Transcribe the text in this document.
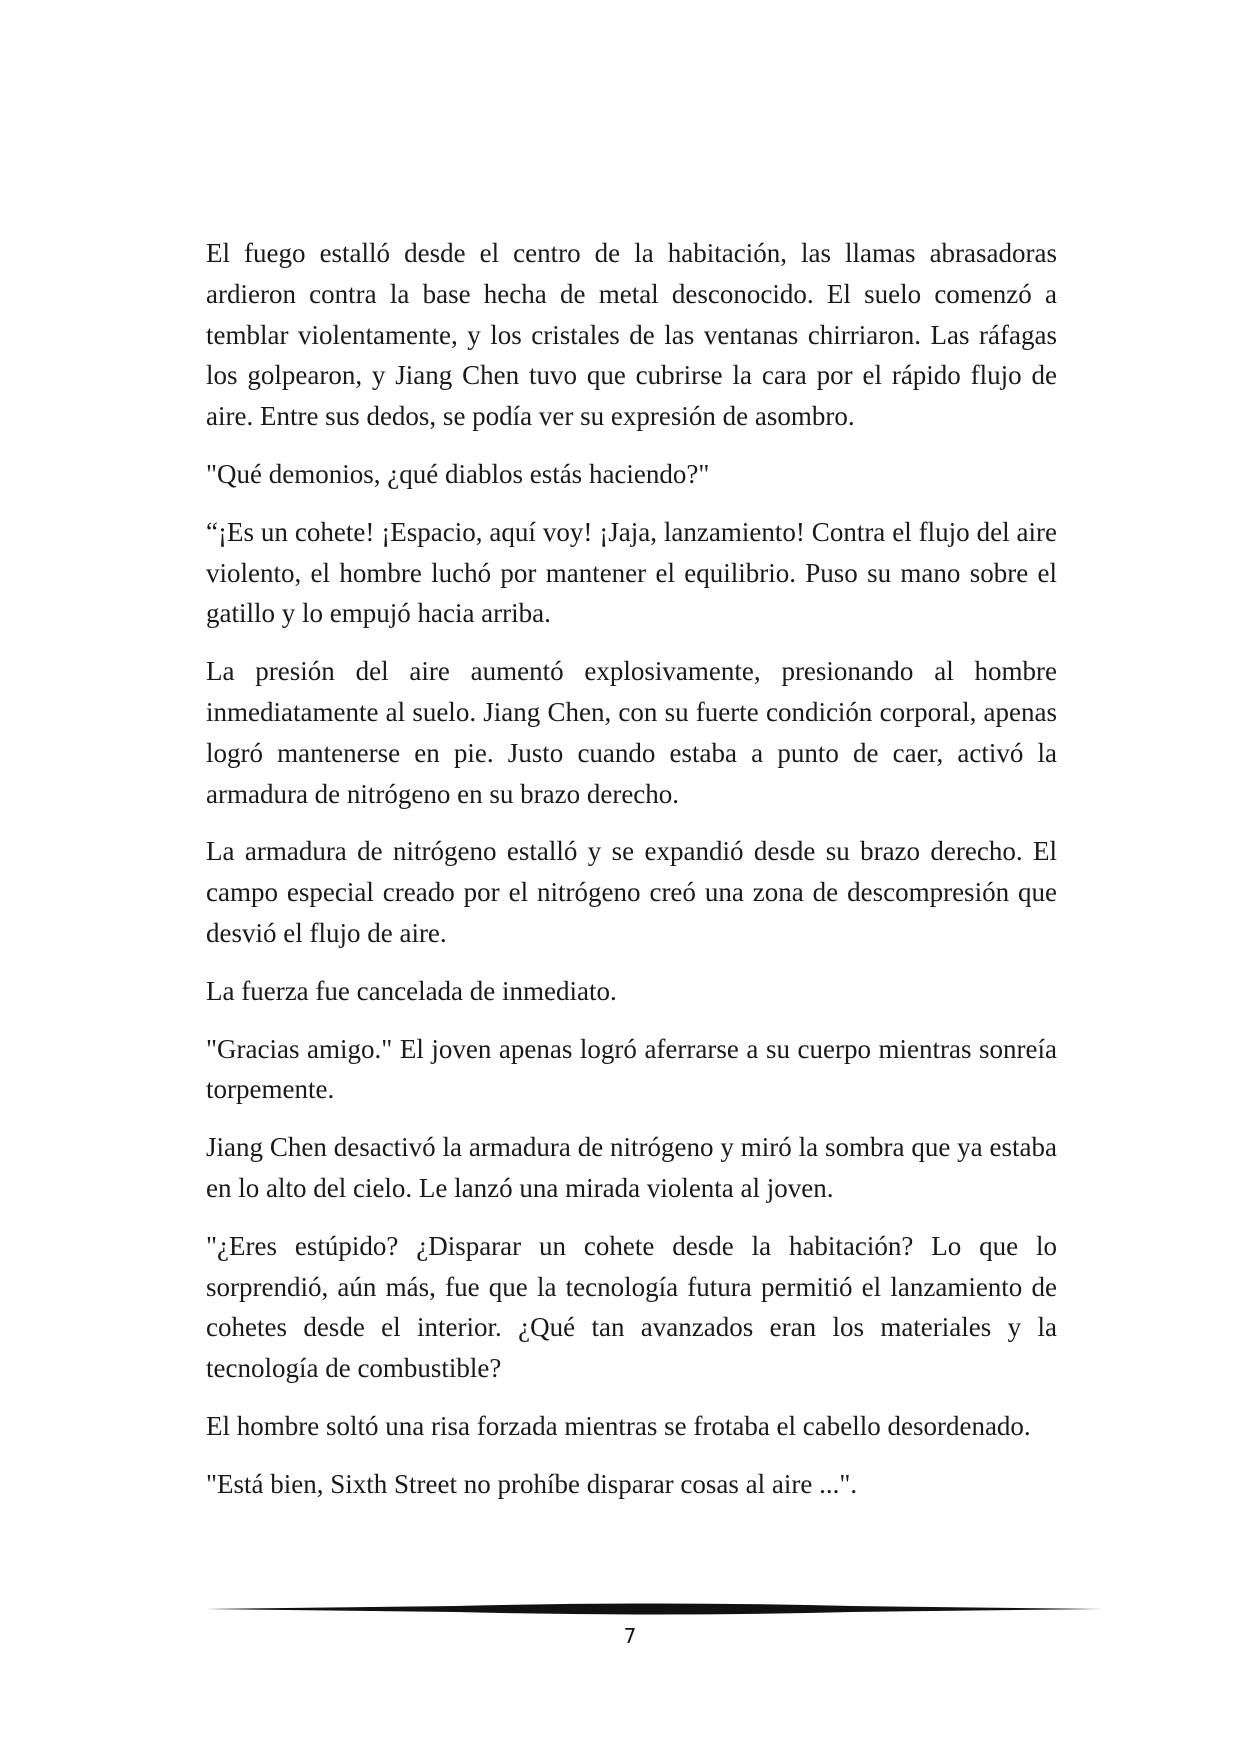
El fuego estalló desde el centro de la habitación, las llamas abrasadoras ardieron contra la base hecha de metal desconocido. El suelo comenzó a temblar violentamente, y los cristales de las ventanas chirriaron. Las ráfagas los golpearon, y Jiang Chen tuvo que cubrirse la cara por el rápido flujo de aire. Entre sus dedos, se podía ver su expresión de asombro.

"Qué demonios, ¿qué diablos estás haciendo?"

“¡Es un cohete! ¡Espacio, aquí voy! ¡Jaja, lanzamiento! Contra el flujo del aire violento, el hombre luchó por mantener el equilibrio. Puso su mano sobre el gatillo y lo empujó hacia arriba.

La presión del aire aumentó explosivamente, presionando al hombre inmediatamente al suelo. Jiang Chen, con su fuerte condición corporal, apenas logró mantenerse en pie. Justo cuando estaba a punto de caer, activó la armadura de nitrógeno en su brazo derecho.

La armadura de nitrógeno estalló y se expandió desde su brazo derecho. El campo especial creado por el nitrógeno creó una zona de descompresión que desvió el flujo de aire.

La fuerza fue cancelada de inmediato.

"Gracias amigo." El joven apenas logró aferrarse a su cuerpo mientras sonreía torpemente.

Jiang Chen desactivó la armadura de nitrógeno y miró la sombra que ya estaba en lo alto del cielo. Le lanzó una mirada violenta al joven.

"¿Eres estúpido? ¿Disparar un cohete desde la habitación? Lo que lo sorprendió, aún más, fue que la tecnología futura permitió el lanzamiento de cohetes desde el interior. ¿Qué tan avanzados eran los materiales y la tecnología de combustible?

El hombre soltó una risa forzada mientras se frotaba el cabello desordenado.

"Está bien, Sixth Street no prohíbe disparar cosas al aire ...".

7
